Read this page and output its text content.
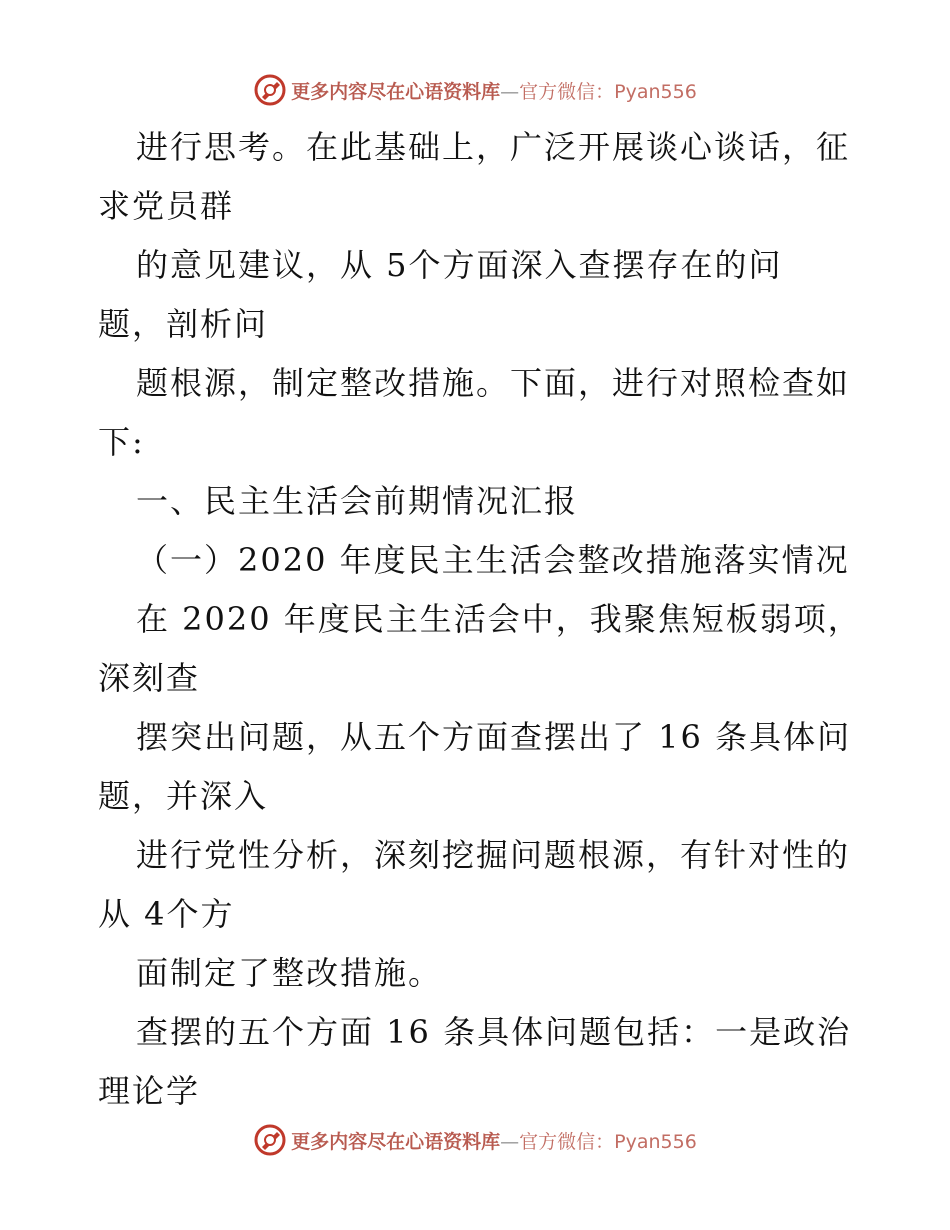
更多内容尽在心语资料库—官方微信：Pyan556
进行思考。在此基础上，广泛开展谈心谈话，征
求党员群
的意见建议，从 5个方面深入查摆存在的问
题，剖析问
题根源，制定整改措施。下面，进行对照检查如
下:
一、民主生活会前期情况汇报
（一）2020 年度民主生活会整改措施落实情况
在 2020 年度民主生活会中，我聚焦短板弱项，
深刻查
摆突出问题，从五个方面查摆出了 16 条具体问
题，并深入
进行党性分析，深刻挖掘问题根源，有针对性的
从 4个方
面制定了整改措施。
查摆的五个方面 16 条具体问题包括：一是政治
理论学
更多内容尽在心语资料库—官方微信：Pyan556
